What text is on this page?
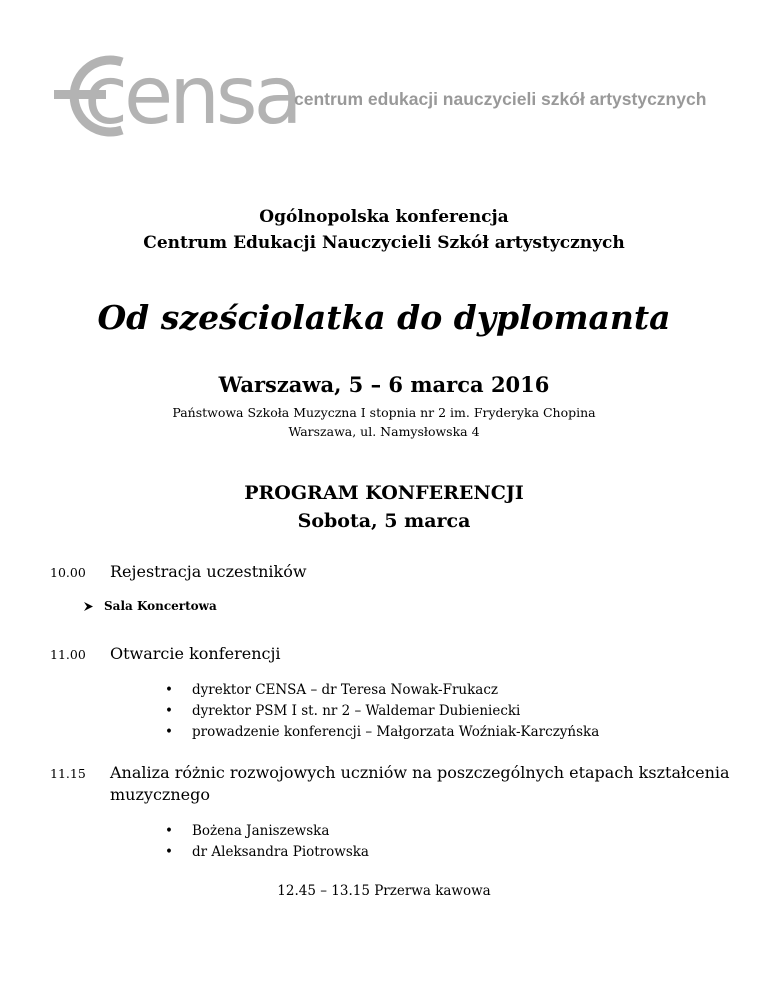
censa
centrum edukacji nauczycieli szkół artystycznych
Ogólnopolska konferencja
Centrum Edukacji Nauczycieli Szkół artystycznych
Od sześciolatka do dyplomanta
Warszawa, 5 – 6 marca 2016
Państwowa Szkoła Muzyczna I stopnia nr 2 im. Fryderyka Chopina
Warszawa, ul. Namysłowska 4
PROGRAM KONFERENCJI
Sobota, 5 marca
10.00 Rejestracja uczestników
Sala Koncertowa
11.00 Otwarcie konferencji
• dyrektor CENSA – dr Teresa Nowak-Frukacz
• dyrektor PSM I st. nr 2 – Waldemar Dubieniecki
• prowadzenie konferencji – Małgorzata Woźniak-Karczyńska
11.15 Analiza różnic rozwojowych uczniów na poszczególnych etapach kształcenia
muzycznego
• Bożena Janiszewska
• dr Aleksandra Piotrowska
12.45 – 13.15 Przerwa kawowa
